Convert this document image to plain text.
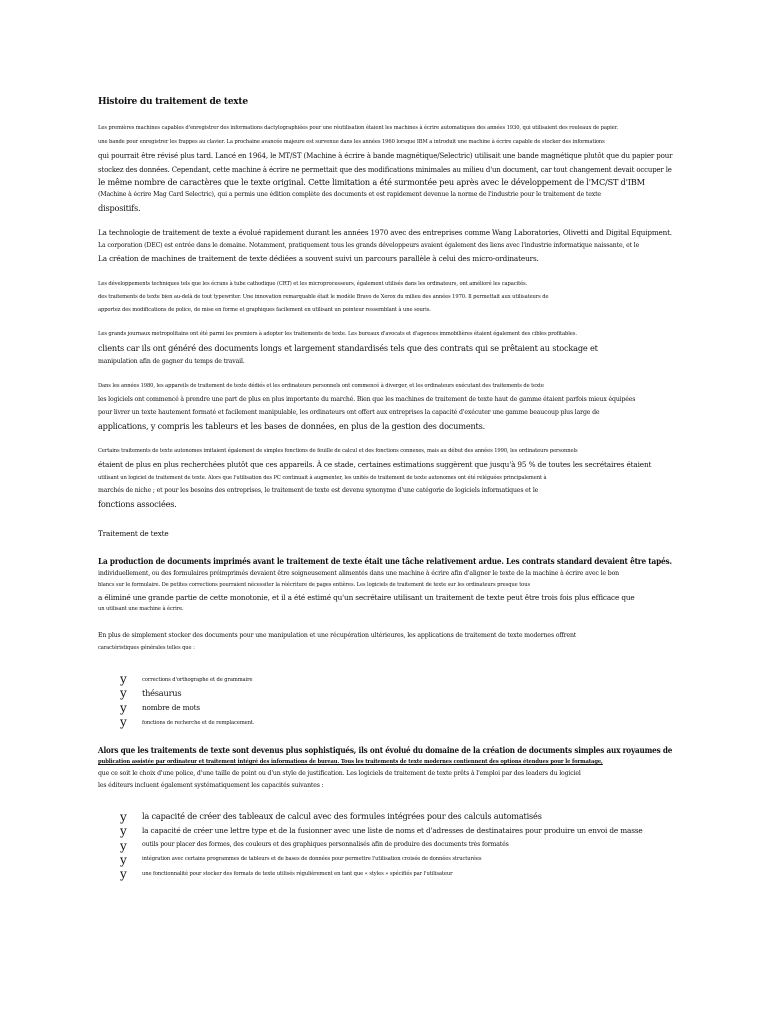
Histoire du traitement de texte
Les premières machines capables d'enregistrer des informations dactylographiées pour une réutilisation étaient les machines à écrire automatiques des années 1930, qui utilisaient des rouleaux de papier.
une bande pour enregistrer les frappes au clavier. La prochaine avancée majeure est survenue dans les années 1960 lorsque IBM a introduit une machine à écrire capable de stocker des informations
qui pourrait être révisé plus tard. Lancé en 1964, le MT/ST (Machine à écrire à bande magnétique/Selectric) utilisait une bande magnétique plutôt que du papier pour
stockez des données. Cependant, cette machine à écrire ne permettait que des modifications minimales au milieu d'un document, car tout changement devait occuper le
le même nombre de caractères que le texte original. Cette limitation a été surmontée peu après avec le développement de l'MC/ST d'IBM
(Machine à écrire Mag Card Selectric), qui a permis une édition complète des documents et est rapidement devenue la norme de l'industrie pour le traitement de texte
dispositifs.
La technologie de traitement de texte a évolué rapidement durant les années 1970 avec des entreprises comme Wang Laboratories, Olivetti and Digital Equipment.
La corporation (DEC) est entrée dans le domaine. Notamment, pratiquement tous les grands développeurs avaient également des liens avec l'industrie informatique naissante, et le
La création de machines de traitement de texte dédiées a souvent suivi un parcours parallèle à celui des micro-ordinateurs.
Les développements techniques tels que les écrans à tube cathodique (CRT) et les microprocesseurs, également utilisés dans les ordinateurs, ont amélioré les capacités.
des traitements de texte bien au-delà de tout typewriter. Une innovation remarquable était le modèle Bravo de Xerox du milieu des années 1970. Il permettait aux utilisateurs de
apportez des modifications de police, de mise en forme et graphiques facilement en utilisant un pointeur ressemblant à une souris.
Les grands journaux metropolitains ont été parmi les premiers à adopter les traitements de texte. Les bureaux d'avocats et d'agences immobilières étaient également des cibles profitables.
clients car ils ont généré des documents longs et largement standardisés tels que des contrats qui se prêtaient au stockage et
manipulation afin de gagner du temps de travail.
Dans les années 1980, les appareils de traitement de texte dédiés et les ordinateurs personnels ont commencé à diverger, et les ordinateurs exécutant des traitements de texte
les logiciels ont commencé à prendre une part de plus en plus importante du marché. Bien que les machines de traitement de texte haut de gamme étaient parfois mieux équipées
pour livrer un texte hautement formaté et facilement manipulable, les ordinateurs ont offert aux entreprises la capacité d'exécuter une gamme beaucoup plus large de
applications, y compris les tableurs et les bases de données, en plus de la gestion des documents.
Certains traitements de texte autonomes imitaient également de simples fonctions de feuille de calcul et des fonctions connexes, mais au début des années 1990, les ordinateurs personnels
étaient de plus en plus recherchées plutôt que ces appareils. À ce stade, certaines estimations suggèrent que jusqu'à 95 % de toutes les secrétaires étaient
utilisant un logiciel de traitement de texte. Alors que l'utilisation des PC continuait à augmenter, les unités de traitement de texte autonomes ont été reléguées principalement à
marchés de niche ; et pour les besoins des entreprises, le traitement de texte est devenu synonyme d'une catégorie de logiciels informatiques et le
fonctions associées.
Traitement de texte
La production de documents imprimés avant le traitement de texte était une tâche relativement ardue. Les contrats standard devaient être tapés.
individuellement, ou des formulaires préimprimés devaient être soigneusement alimentés dans une machine à écrire afin d'aligner le texte de la machine à écrire avec le bon
blancs sur le formulaire. De petites corrections pourraient nécessiter la réécriture de pages entières. Les logiciels de traitement de texte sur les ordinateurs presque tous
a éliminé une grande partie de cette monotonie, et il a été estimé qu'un secrétaire utilisant un traitement de texte peut être trois fois plus efficace que
un utilisant une machine à écrire.
En plus de simplement stocker des documents pour une manipulation et une récupération ultérieures, les applications de traitement de texte modernes offrent
caractéristiques générales telles que :
y	corrections d'orthographe et de grammaire
y thésaurus
y nombre de mots
y	fonctions de recherche et de remplacement.
Alors que les traitements de texte sont devenus plus sophistiqués, ils ont évolué du domaine de la création de documents simples aux royaumes de
publication assistée par ordinateur et traitement intégré des informations de bureau. Tous les traitements de texte modernes contiennent des options étendues pour le formatage,
que ce soit le choix d'une police, d'une taille de point ou d'un style de justification. Les logiciels de traitement de texte prêts à l'emploi par des leaders du logiciel
les éditeurs incluent également systématiquement les capacités suivantes :
y la capacité de créer des tableaux de calcul avec des formules intégrées pour des calculs automatisés
y la capacité de créer une lettre type et de la fusionner avec une liste de noms et d'adresses de destinataires pour produire un envoi de masse
y outils pour placer des formes, des couleurs et des graphiques personnalisés afin de produire des documents très formatés
y	intégration avec certains programmes de tableurs et de bases de données pour permettre l'utilisation croisée de données structurées
y	une fonctionnalité pour stocker des formats de texte utilisés régulièrement en tant que « styles » spécifiés par l'utilisateur
